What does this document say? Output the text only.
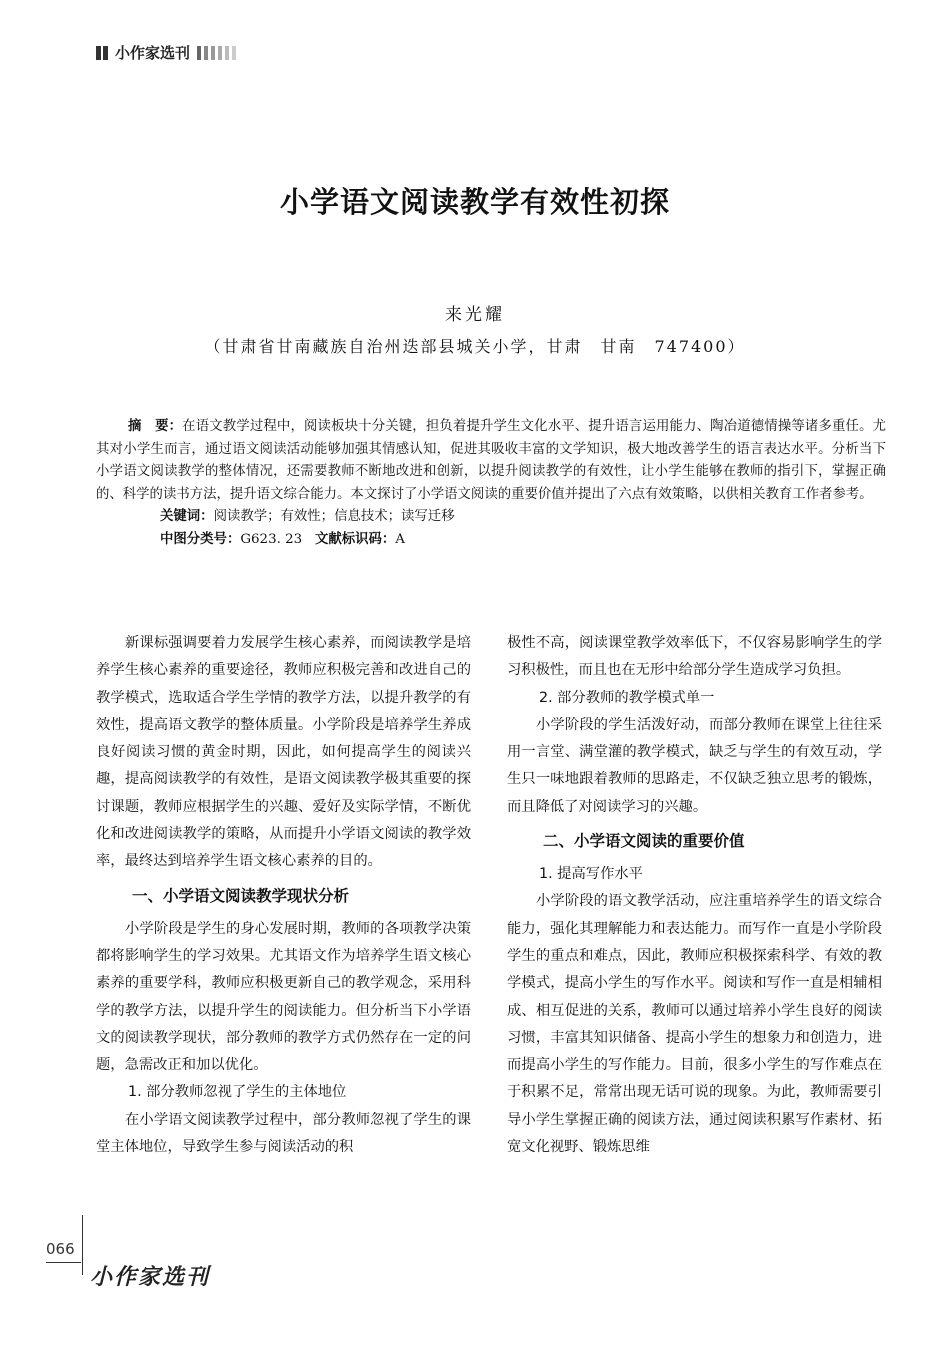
小作家选刊
小学语文阅读教学有效性初探
来光耀
（甘肃省甘南藏族自治州迭部县城关小学，甘肃　甘南　747400）

摘　要：在语文教学过程中，阅读板块十分关键，担负着提升学生文化水平、提升语言运用能力、陶冶道德情操等诸多重任。尤其对小学生而言，通过语文阅读活动能够加强其情感认知，促进其吸收丰富的文学知识，极大地改善学生的语言表达水平。分析当下小学语文阅读教学的整体情况，还需要教师不断地改进和创新，以提升阅读教学的有效性，让小学生能够在教师的指引下，掌握正确的、科学的读书方法，提升语文综合能力。本文探讨了小学语文阅读的重要价值并提出了六点有效策略，以供相关教育工作者参考。

关键词：阅读教学；有效性；信息技术；读写迁移

中图分类号：G623. 23 文献标识码：A

新课标强调要着力发展学生核心素养，而阅读教学是培养学生核心素养的重要途径，教师应积极完善和改进自己的教学模式，选取适合学生学情的教学方法，以提升教学的有效性，提高语文教学的整体质量。小学阶段是培养学生养成良好阅读习惯的黄金时期，因此，如何提高学生的阅读兴趣，提高阅读教学的有效性，是语文阅读教学极其重要的探讨课题，教师应根据学生的兴趣、爱好及实际学情，不断优化和改进阅读教学的策略，从而提升小学语文阅读的教学效率，最终达到培养学生语文核心素养的目的。

一、小学语文阅读教学现状分析

小学阶段是学生的身心发展时期，教师的各项教学决策都将影响学生的学习效果。尤其语文作为培养学生语文核心素养的重要学科，教师应积极更新自己的教学观念，采用科学的教学方法，以提升学生的阅读能力。但分析当下小学语文的阅读教学现状，部分教师的教学方式仍然存在一定的问题，急需改正和加以优化。

1. 部分教师忽视了学生的主体地位

在小学语文阅读教学过程中，部分教师忽视了学生的课堂主体地位，导致学生参与阅读活动的积

极性不高，阅读课堂教学效率低下，不仅容易影响学生的学习积极性，而且也在无形中给部分学生造成学习负担。

2. 部分教师的教学模式单一

小学阶段的学生活泼好动，而部分教师在课堂上往往采用一言堂、满堂灌的教学模式，缺乏与学生的有效互动，学生只一味地跟着教师的思路走，不仅缺乏独立思考的锻炼，而且降低了对阅读学习的兴趣。

二、小学语文阅读的重要价值
1. 提高写作水平

小学阶段的语文教学活动，应注重培养学生的语文综合能力，强化其理解能力和表达能力。而写作一直是小学阶段学生的重点和难点，因此，教师应积极探索科学、有效的教学模式，提高小学生的写作水平。阅读和写作一直是相辅相成、相互促进的关系，教师可以通过培养小学生良好的阅读习惯，丰富其知识储备、提高小学生的想象力和创造力，进而提高小学生的写作能力。目前，很多小学生的写作难点在于积累不足，常常出现无话可说的现象。为此，教师需要引导小学生掌握正确的阅读方法，通过阅读积累写作素材、拓宽文化视野、锻炼思维

066
小作家选刊
